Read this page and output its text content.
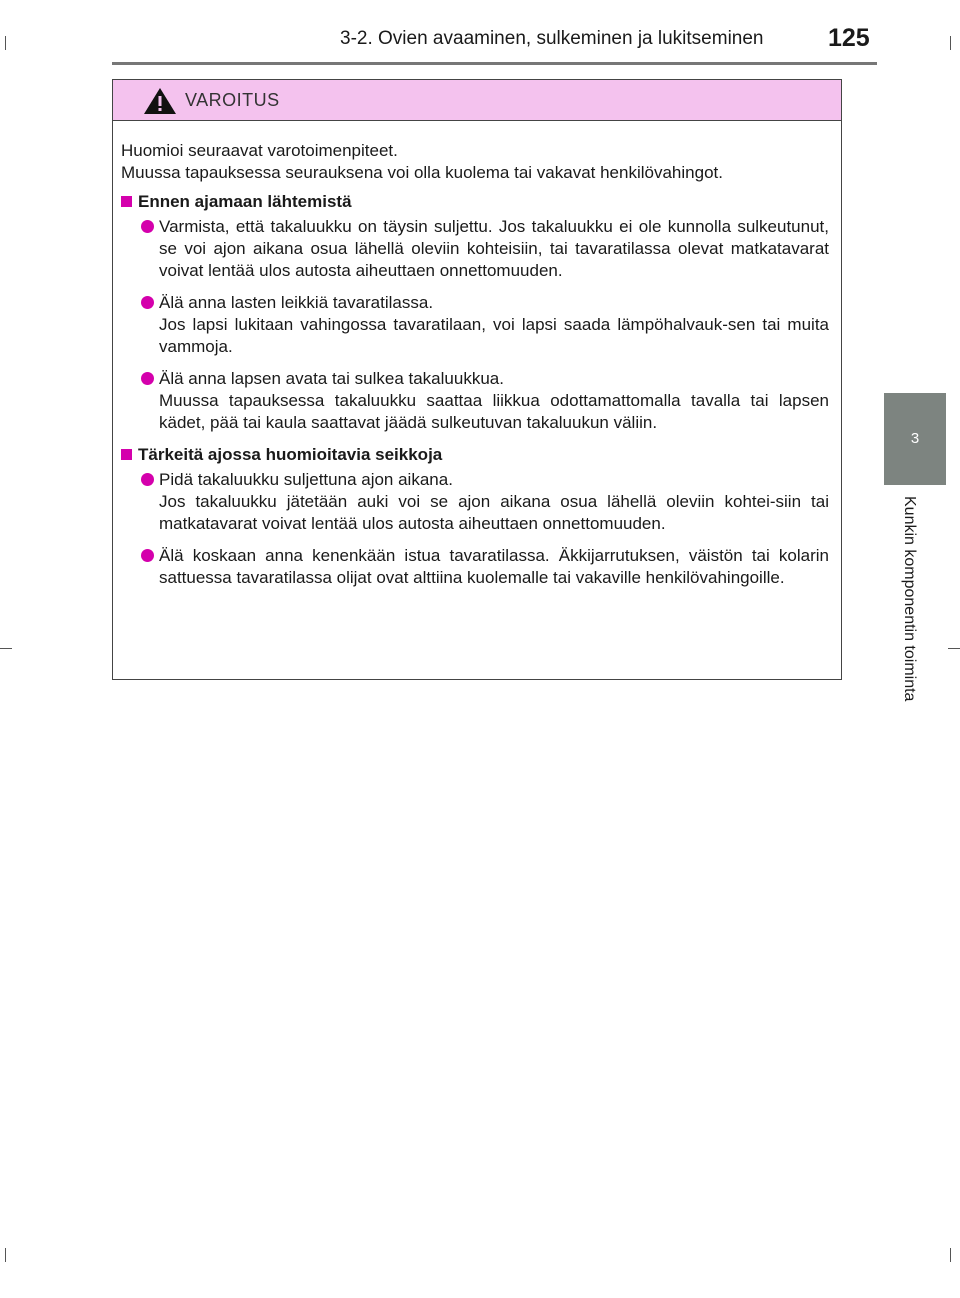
3-2. Ovien avaaminen, sulkeminen ja lukitseminen	125
3
Kunkin komponentin toiminta
VAROITUS

Huomioi seuraavat varotoimenpiteet.
Muussa tapauksessa seurauksena voi olla kuolema tai vakavat henkilövahingot.

Ennen ajamaan lähtemistä
Varmista, että takaluukku on täysin suljettu. Jos takaluukku ei ole kunnolla sulkeutunut, se voi ajon aikana osua lähellä oleviin kohteisiin, tai tavaratilassa olevat matkatavarat voivat lentää ulos autosta aiheuttaen onnettomuuden.
Älä anna lasten leikkiä tavaratilassa.
Jos lapsi lukitaan vahingossa tavaratilaan, voi lapsi saada lämpöhalvauk-sen tai muita vammoja.
Älä anna lapsen avata tai sulkea takaluukkua.
Muussa tapauksessa takaluukku saattaa liikkua odottamattomalla tavalla tai lapsen kädet, pää tai kaula saattavat jäädä sulkeutuvan takaluukun väliin.
Tärkeitä ajossa huomioitavia seikkoja
Pidä takaluukku suljettuna ajon aikana.
Jos takaluukku jätetään auki voi se ajon aikana osua lähellä oleviin kohtei-siin tai matkatavarat voivat lentää ulos autosta aiheuttaen onnettomuuden.
Älä koskaan anna kenenkään istua tavaratilassa. Äkkijarrutuksen, väistön tai kolarin sattuessa tavaratilassa olijat ovat alttiina kuolemalle tai vakaville henkilövahingoille.
